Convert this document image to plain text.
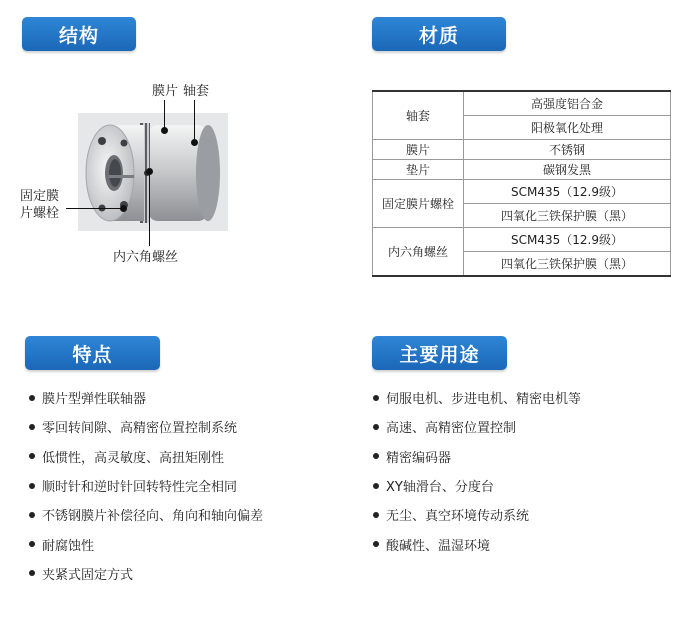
结构	材质
特点	主要用途
膜片 轴套
固定膜片螺栓
内六角螺丝
轴套	高强度铝合金
	阳极氧化处理
膜片	不锈钢
垫片	碳钢发黑
固定膜片螺栓	SCM435（12.9级）
	四氧化三铁保护膜（黑）
内六角螺丝	SCM435（12.9级）
	四氧化三铁保护膜（黑）
膜片型弹性联轴器
零回转间隙、高精密位置控制系统
低惯性，高灵敏度、高扭矩刚性
顺时针和逆时针回转特性完全相同
不锈钢膜片补偿径向、角向和轴向偏差
耐腐蚀性
夹紧式固定方式
伺服电机、步进电机、精密电机等
高速、高精密位置控制
精密编码器
XY轴滑台、分度台
无尘、真空环境传动系统
酸碱性、温湿环境
